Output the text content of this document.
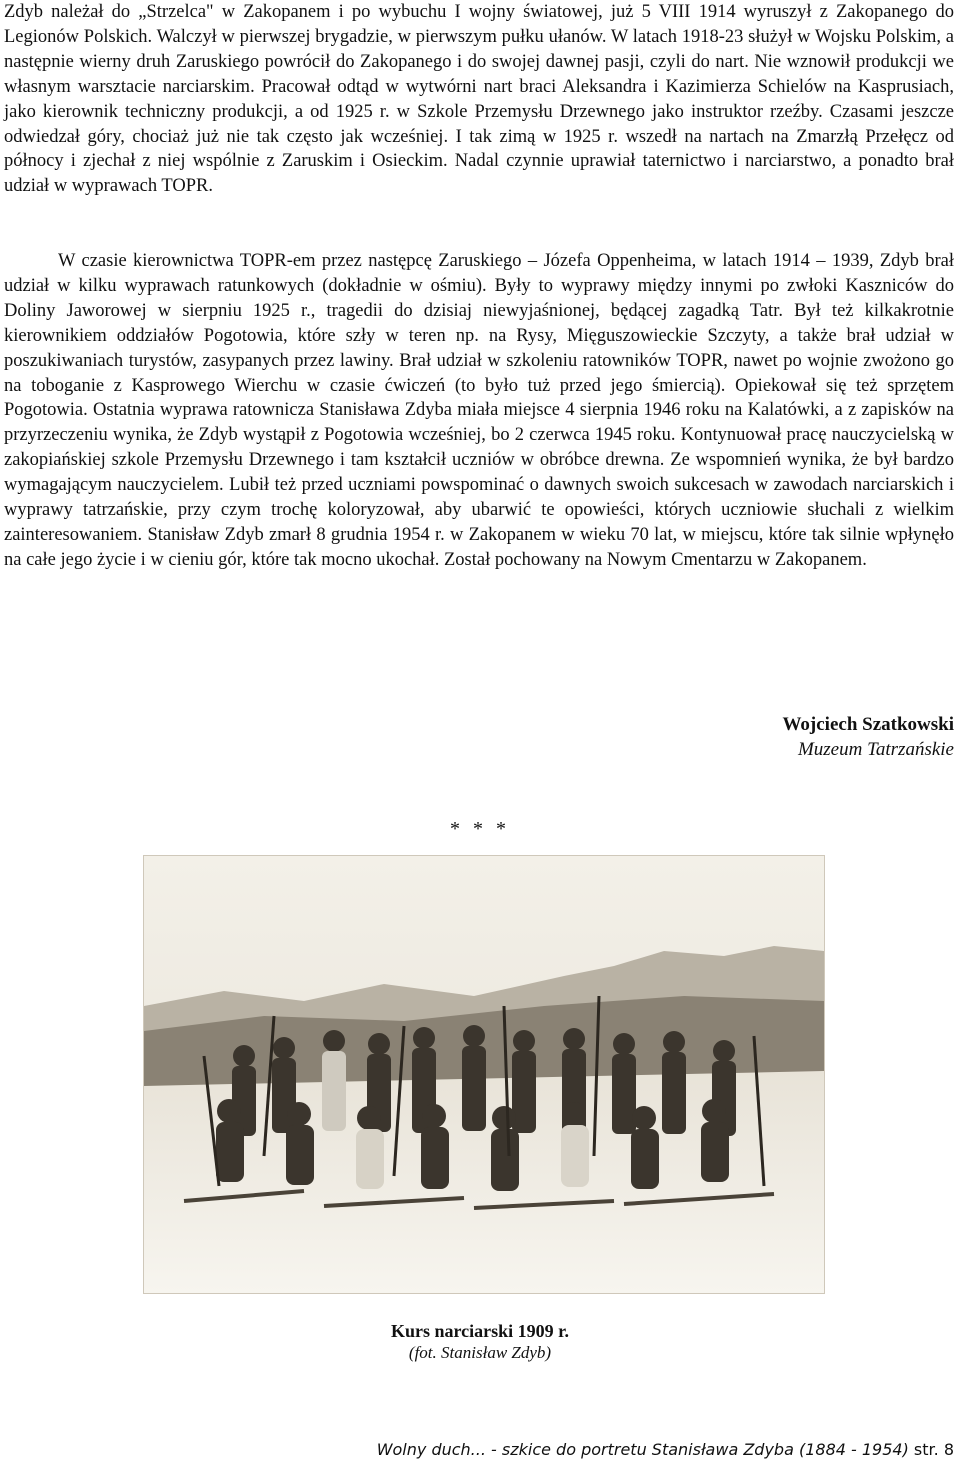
Zdyb należał do „Strzelca" w Zakopanem i po wybuchu I wojny światowej, już 5 VIII 1914 wyruszył z Zakopanego do Legionów Polskich. Walczył w pierwszej brygadzie, w pierwszym pułku ułanów. W latach 1918-23 służył w Wojsku Polskim, a następnie wierny druh Zaruskiego powrócił do Zakopanego i do swojej dawnej pasji, czyli do nart. Nie wznowił produkcji we własnym warsztacie narciarskim. Pracował odtąd w wytwórni nart braci Aleksandra i Kazimierza Schielów na Kasprusiach, jako kierownik techniczny produkcji, a od 1925 r. w Szkole Przemysłu Drzewnego jako instruktor rzeźby. Czasami jeszcze odwiedzał góry, chociaż już nie tak często jak wcześniej. I tak zimą w 1925 r. wszedł na nartach na Zmarzłą Przełęcz od północy i zjechał z niej wspólnie z Zaruskim i Osieckim. Nadal czynnie uprawiał taternictwo i narciarstwo, a ponadto brał udział w wyprawach TOPR.

W czasie kierownictwa TOPR-em przez następcę Zaruskiego – Józefa Oppenheima, w latach 1914 – 1939, Zdyb brał udział w kilku wyprawach ratunkowych (dokładnie w ośmiu). Były to wyprawy między innymi po zwłoki Kaszniców do Doliny Jaworowej w sierpniu 1925 r., tragedii do dzisiaj niewyjaśnionej, będącej zagadką Tatr. Był też kilkakrotnie kierownikiem oddziałów Pogotowia, które szły w teren np. na Rysy, Mięguszowieckie Szczyty, a także brał udział w poszukiwaniach turystów, zasypanych przez lawiny. Brał udział w szkoleniu ratowników TOPR, nawet po wojnie zwożono go na toboganie z Kasprowego Wierchu w czasie ćwiczeń (to było tuż przed jego śmiercią). Opiekował się też sprzętem Pogotowia. Ostatnia wyprawa ratownicza Stanisława Zdyba miała miejsce 4 sierpnia 1946 roku na Kalatówki, a z zapisków na przyrzeczeniu wynika, że Zdyb wystąpił z Pogotowia wcześniej, bo 2 czerwca 1945 roku. Kontynuował pracę nauczycielską w zakopiańskiej szkole Przemysłu Drzewnego i tam kształcił uczniów w obróbce drewna. Ze wspomnień wynika, że był bardzo wymagającym nauczycielem. Lubił też przed uczniami powspominać o dawnych swoich sukcesach w zawodach narciarskich i wyprawy tatrzańskie, przy czym trochę koloryzował, aby ubarwić te opowieści, których uczniowie słuchali z wielkim zainteresowaniem. Stanisław Zdyb zmarł 8 grudnia 1954 r. w Zakopanem w wieku 70 lat, w miejscu, które tak silnie wpłynęło na całe jego życie i w cieniu gór, które tak mocno ukochał. Został pochowany na Nowym Cmentarzu w Zakopanem.

Wojciech Szatkowski
Muzeum Tatrzańskie
* * *
Kurs narciarski 1909 r.
(fot. Stanisław Zdyb)
Wolny duch... - szkice do portretu Stanisława Zdyba (1884 - 1954) str. 8
